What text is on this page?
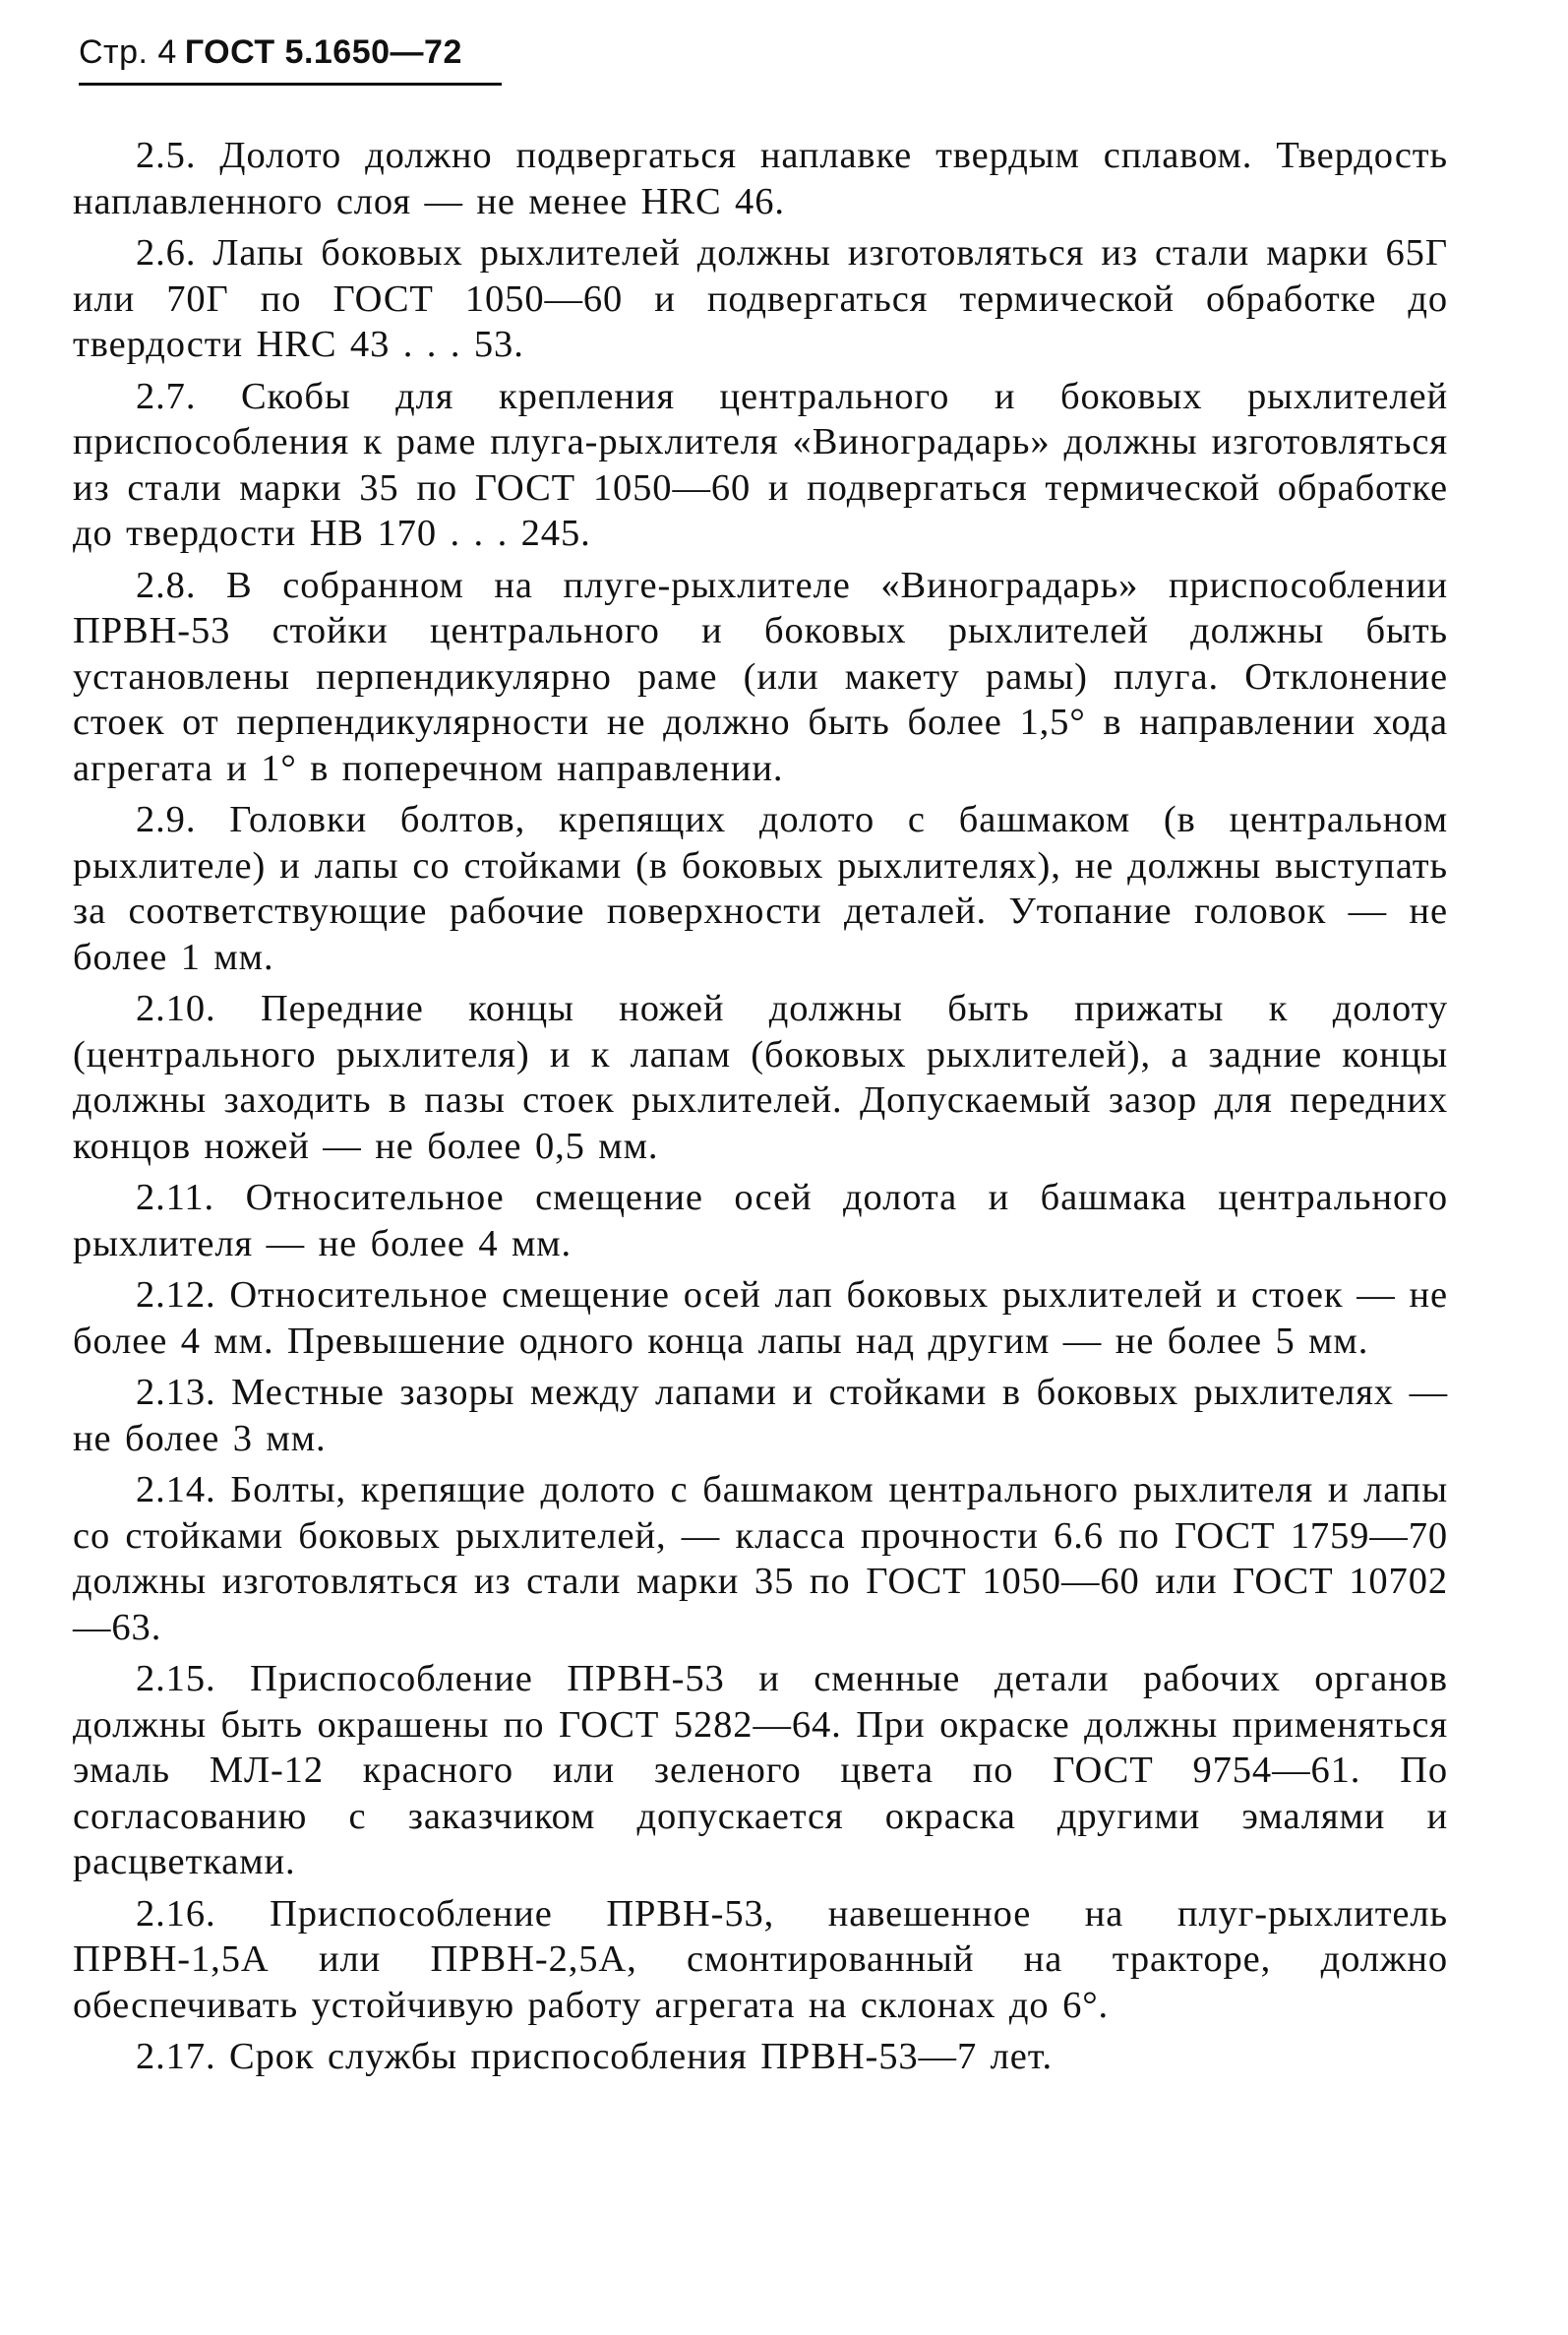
Стр. 4 ГОСТ 5.1650—72

2.5. Долото должно подвергаться наплавке твердым сплавом. Твердость наплавленного слоя — не менее HRC 46.

2.6. Лапы боковых рыхлителей должны изготовляться из стали марки 65Г или 70Г по ГОСТ 1050—60 и подвергаться термической обработке до твердости HRC 43 . . . 53.

2.7. Скобы для крепления центрального и боковых рыхлителей приспособления к раме плуга-рыхлителя «Виноградарь» должны изготовляться из стали марки 35 по ГОСТ 1050—60 и подвергаться термической обработке до твердости НВ 170 . . . 245.

2.8. В собранном на плуге-рыхлителе «Виноградарь» приспособлении ПРВН-53 стойки центрального и боковых рыхлителей должны быть установлены перпендикулярно раме (или макету рамы) плуга. Отклонение стоек от перпендикулярности не должно быть более 1,5° в направлении хода агрегата и 1° в поперечном направлении.

2.9. Головки болтов, крепящих долото с башмаком (в центральном рыхлителе) и лапы со стойками (в боковых рыхлителях), не должны выступать за соответствующие рабочие поверхности деталей. Утопание головок — не более 1 мм.

2.10. Передние концы ножей должны быть прижаты к долоту (центрального рыхлителя) и к лапам (боковых рыхлителей), а задние концы должны заходить в пазы стоек рыхлителей. Допускаемый зазор для передних концов ножей — не более 0,5 мм.

2.11. Относительное смещение осей долота и башмака центрального рыхлителя — не более 4 мм.

2.12. Относительное смещение осей лап боковых рыхлителей и стоек — не более 4 мм. Превышение одного конца лапы над другим — не более 5 мм.

2.13. Местные зазоры между лапами и стойками в боковых рыхлителях — не более 3 мм.

2.14. Болты, крепящие долото с башмаком центрального рыхлителя и лапы со стойками боковых рыхлителей, — класса прочности 6.6 по ГОСТ 1759—70 должны изготовляться из стали марки 35 по ГОСТ 1050—60 или ГОСТ 10702—63.

2.15. Приспособление ПРВН-53 и сменные детали рабочих органов должны быть окрашены по ГОСТ 5282—64. При окраске должны применяться эмаль МЛ-12 красного или зеленого цвета по ГОСТ 9754—61. По согласованию с заказчиком допускается окраска другими эмалями и расцветками.

2.16. Приспособление ПРВН-53, навешенное на плуг-рыхлитель ПРВН-1,5А или ПРВН-2,5А, смонтированный на тракторе, должно обеспечивать устойчивую работу агрегата на склонах до 6°.

2.17. Срок службы приспособления ПРВН-53—7 лет.
